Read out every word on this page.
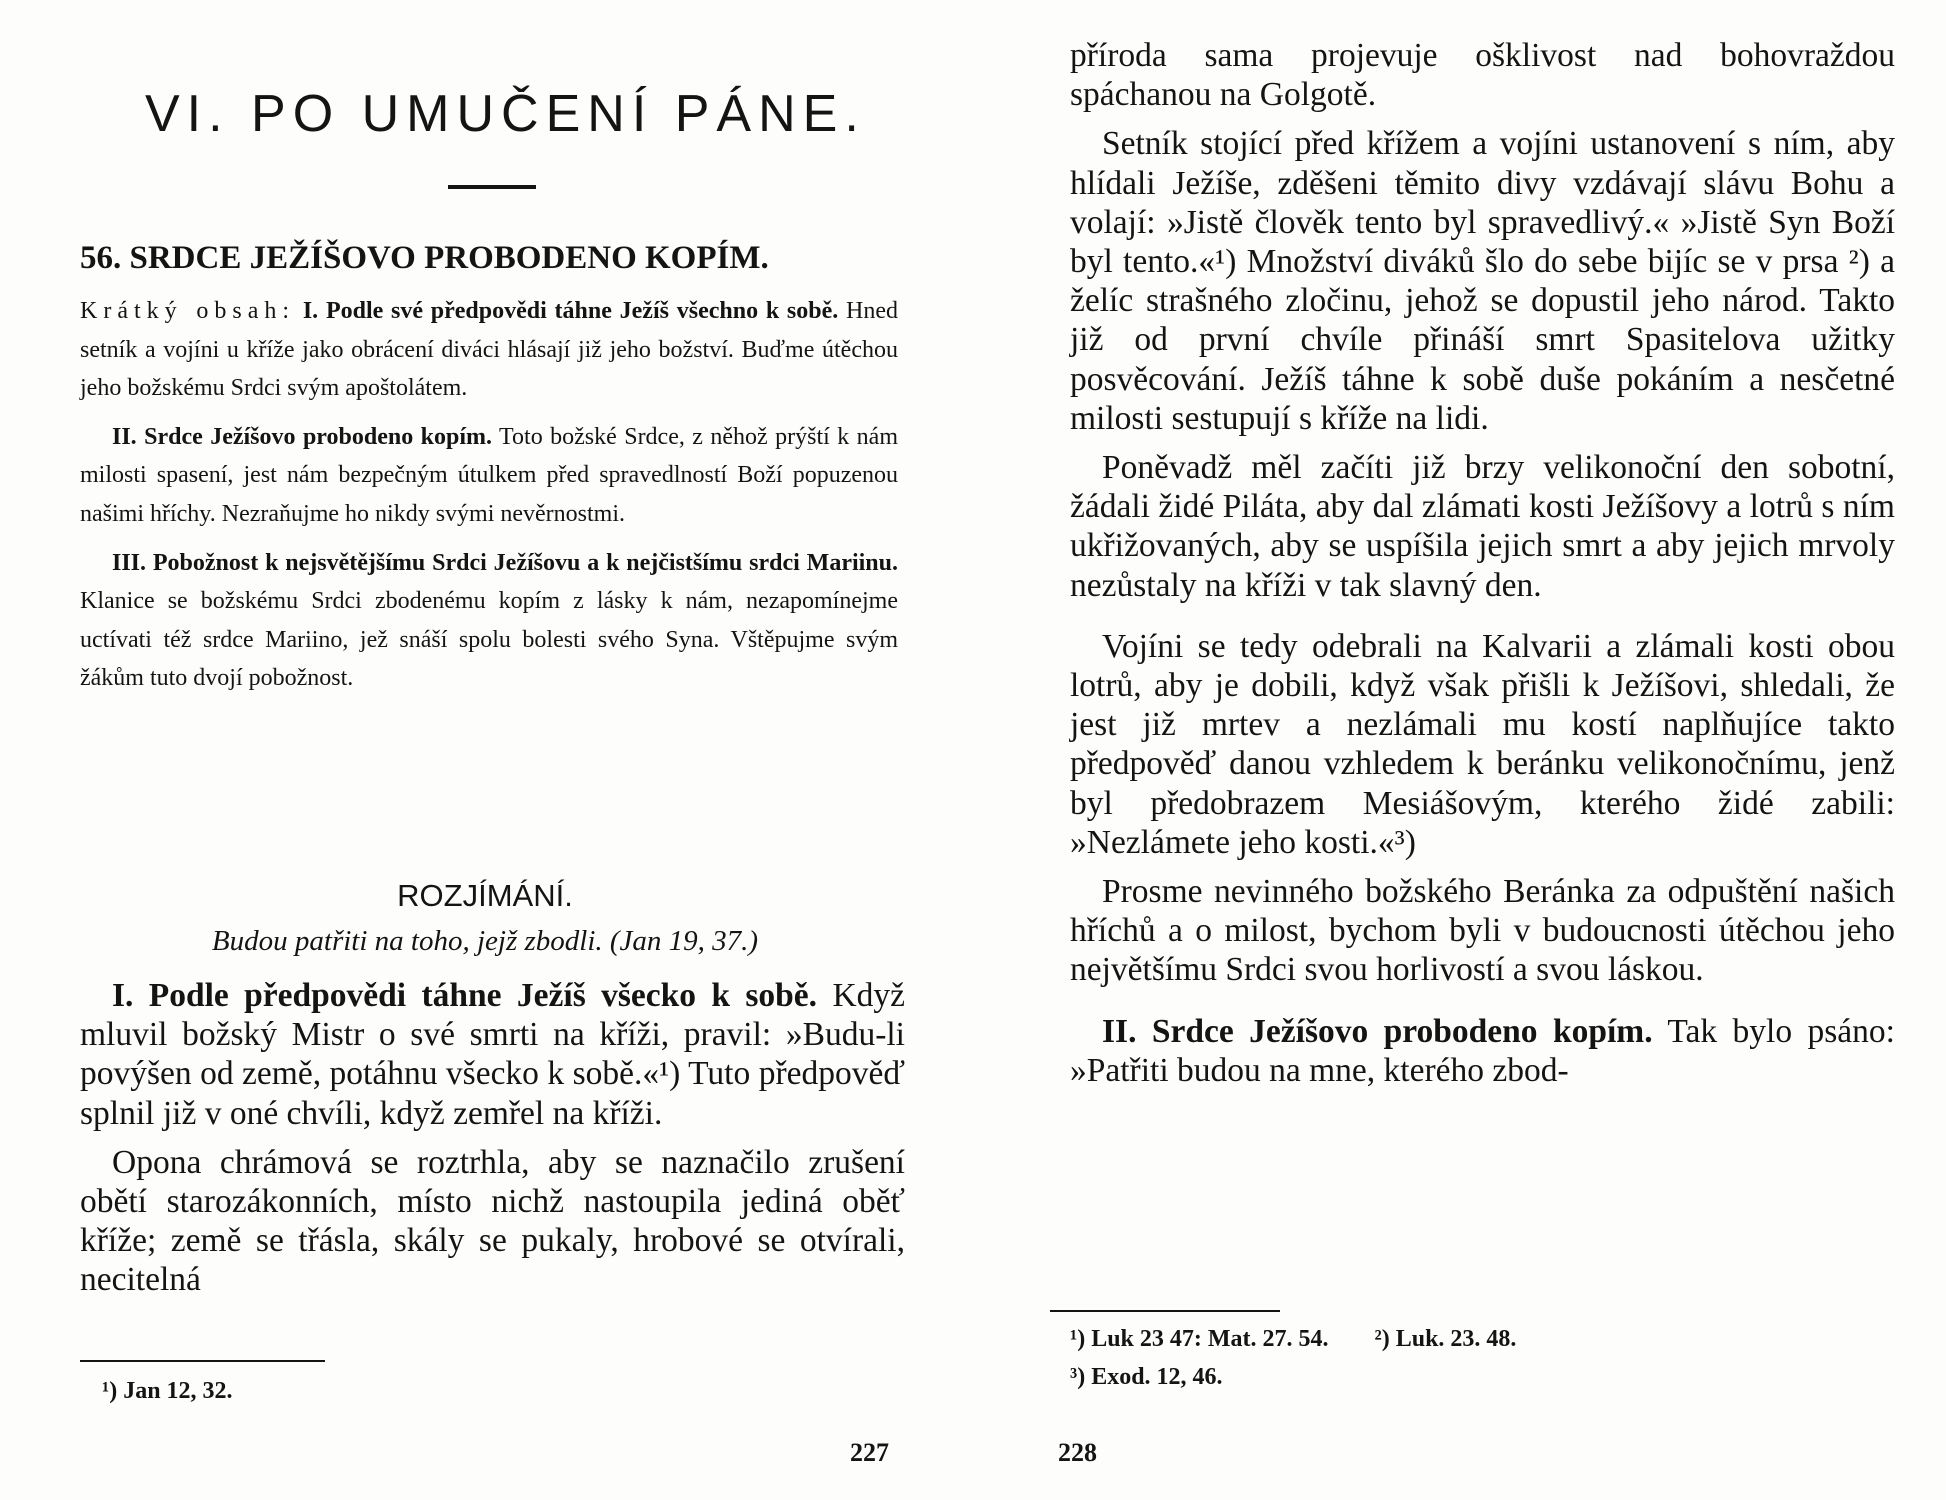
VI. PO UMUČENÍ PÁNE.
56. SRDCE JEŽÍŠOVO PROBODENO KOPÍM.

Krátký obsah: I. Podle své předpovědi táhne Ježíš všechno k sobě. Hned setník a vojíni u kříže jako obrácení diváci hlásají již jeho božství. Buďme útěchou jeho božskému Srdci svým apoštolátem.

II. Srdce Ježíšovo probodeno kopím. Toto božské Srdce, z něhož prýští k nám milosti spasení, jest nám bezpečným útulkem před spravedlností Boží popuzenou našimi hříchy. Nezraňujme ho nikdy svými nevěrnostmi.

III. Pobožnost k nejsvětějšímu Srdci Ježíšovu a k nejčistšímu srdci Mariinu. Klanice se božskému Srdci zbodenému kopím z lásky k nám, nezapomínejme uctívati též srdce Mariino, jež snáší spolu bolesti svého Syna. Vštěpujme svým žákům tuto dvojí pobožnost.

ROZJÍMÁNÍ.
Budou patřiti na toho, jejž zbodli. (Jan 19, 37.)

I. Podle předpovědi táhne Ježíš všecko k sobě. Když mluvil božský Mistr o své smrti na kříži, pravil: »Budu-li povýšen od země, potáhnu všecko k sobě.«¹) Tuto předpověď splnil již v oné chvíli, když zemřel na kříži.

Opona chrámová se roztrhla, aby se naznačilo zrušení obětí starozákonních, místo nichž nastoupila jediná oběť kříže; země se třásla, skály se pukaly, hrobové se otvírali, necitelná

¹) Jan 12, 32.
227

příroda sama projevuje ošklivost nad bohovraždou spáchanou na Golgotě.

Setník stojící před křížem a vojíni ustanovení s ním, aby hlídali Ježíše, zděšeni těmito divy vzdávají slávu Bohu a volají: »Jistě člověk tento byl spravedlivý.« »Jistě Syn Boží byl tento.«¹) Množství diváků šlo do sebe bijíc se v prsa ²) a želíc strašného zločinu, jehož se dopustil jeho národ. Takto již od první chvíle přináší smrt Spasitelova užitky posvěcování. Ježíš táhne k sobě duše pokáním a nesčetné milosti sestupují s kříže na lidi.

Poněvadž měl začíti již brzy velikonoční den sobotní, žádali židé Piláta, aby dal zlámati kosti Ježíšovy a lotrů s ním ukřižovaných, aby se uspíšila jejich smrt a aby jejich mrvoly nezůstaly na kříži v tak slavný den.

Vojíni se tedy odebrali na Kalvarii a zlámali kosti obou lotrů, aby je dobili, když však přišli k Ježíšovi, shledali, že jest již mrtev a nezlámali mu kostí naplňujíce takto předpověď danou vzhledem k beránku velikonočnímu, jenž byl předobrazem Mesiášovým, kterého židé zabili: »Nezlámete jeho kosti.«³)

Prosme nevinného božského Beránka za odpuštění našich hříchů a o milost, bychom byli v budoucnosti útěchou jeho největšímu Srdci svou horlivostí a svou láskou.

II. Srdce Ježíšovo probodeno kopím. Tak bylo psáno: »Patřiti budou na mne, kterého zbod-

¹) Luk 23 47: Mat. 27. 54. ²) Luk. 23. 48.
³) Exod. 12, 46.
228
